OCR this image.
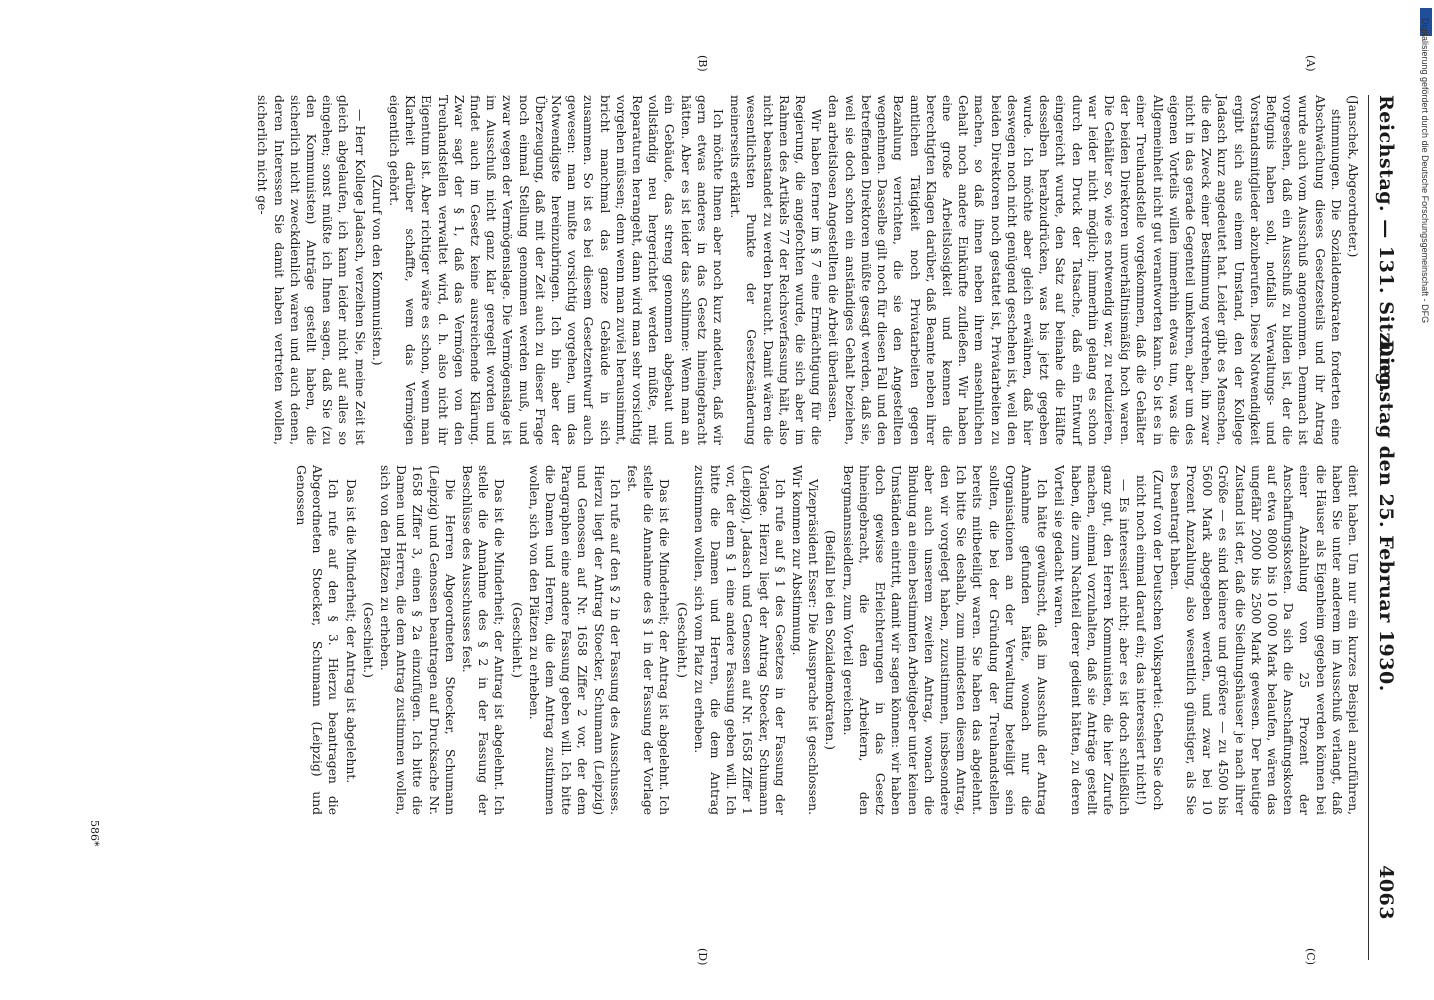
Reichstag. — 131. Sitzung.
Dienstag den 25. Februar 1930.
4063
(A)
(B)
(C)
(D)

(Janschek, Abgeordneter.)

stimmungen. Die Sozialdemokraten forderten eine Abschwächung dieses Gesetzesteils und ihr Antrag wurde auch vom Ausschuß angenommen. Demnach ist vorgesehen, daß ein Ausschuß zu bilden ist, der die Befugnis haben soll, notfalls Verwaltungs- und Vorstandsmitglieder abzuberufen. Diese Notwendigkeit ergibt sich aus einem Umstand, den der Kollege Jadasch kurz angedeutet hat. Leider gibt es Menschen, die den Zweck einer Bestimmung verdrehen, ihn zwar nicht in das gerade Gegenteil umkehren, aber um des eigenen Vorteils willen immerhin etwas tun, was die Allgemeinheit nicht gut verantworten kann. So ist es in einer Treuhandstelle vorgekommen, daß die Gehälter der beiden Direktoren unverhältnismäßig hoch waren. Die Gehälter so, wie es notwendig war, zu reduzieren, war leider nicht möglich; immerhin gelang es schon durch den Druck der Tatsache, daß ein Entwurf eingereicht wurde, den Satz auf beinahe die Hälfte desselben herabzudrücken, was bis jetzt gegeben wurde. Ich möchte aber gleich erwähnen, daß hier deswegen noch nicht genügend geschehen ist, weil den beiden Direktoren noch gestattet ist, Privatarbeiten zu machen, so daß ihnen neben ihrem ansehnlichen Gehalt noch andere Einkünfte zufließen. Wir haben eine große Arbeitslosigkeit und kennen die berechtigten Klagen darüber, daß Beamte neben ihrer amtlichen Tätigkeit noch Privatarbeiten gegen Bezahlung verrichten, die sie den Angestellten wegnehmen. Dasselbe gilt noch für diesen Fall und den betreffenden Direktoren müßte gesagt werden, daß sie, weil sie doch schon ein anständiges Gehalt beziehen, den arbeitslosen Angestellten die Arbeit überlassen.

Wir haben ferner im § 7 eine Ermächtigung für die Regierung, die angefochten wurde, die sich aber im Rahmen des Artikels 77 der Reichsverfassung hält, also nicht beanstandet zu werden braucht. Damit wären die wesentlichsten Punkte der Gesetzesänderung meinerseits erklärt.

Ich möchte Ihnen aber noch kurz andeuten, daß wir gern etwas anderes in das Gesetz hineingebracht hätten. Aber es ist leider das schlimme: Wenn man an ein Gebäude, das streng genommen abgebaut und vollständig neu hergerichtet werden müßte, mit Reparaturen herangeht, dann wird man sehr vorsichtig vorgehen müssen; denn wenn man zuviel herausnimmt, bricht manchmal das ganze Gebäude in sich zusammen. So ist es bei diesem Gesetzentwurf auch gewesen: man mußte vorsichtig vorgehen, um das Notwendigste hereinzubringen. Ich bin aber der Überzeugung, daß mit der Zeit auch zu dieser Frage noch einmal Stellung genommen werden muß, und zwar wegen der Vermögenslage. Die Vermögenslage ist im Ausschuß nicht ganz klar geregelt worden und findet auch im Gesetz keine ausreichende Klärung. Zwar sagt der § 1, daß das Vermögen von den Treuhandstellen verwaltet wird, d. h. also nicht ihr Eigentum ist. Aber richtiger wäre es schon, wenn man Klarheit darüber schaffte, wem das Vermögen eigentlich gehört.

(Zuruf von den Kommunisten.)

— Herr Kollege Jadasch, verzeihen Sie, meine Zeit ist gleich abgelaufen, ich kann leider nicht auf alles so eingehen; sonst müßte ich Ihnen sagen, daß Sie (zu den Kommunisten) Anträge gestellt haben, die sicherlich nicht zweckdienlich waren und auch denen, deren Interessen Sie damit haben vertreten wollen, sicherlich nicht ge-

dient haben. Um nur ein kurzes Beispiel anzuführen, haben Sie unter anderem im Ausschuß verlangt, daß die Häuser als Eigenheim gegeben werden können bei einer Anzahlung von 25 Prozent der Anschaffungskosten. Da sich die Anschaffungskosten auf etwa 8000 bis 10 000 Mark belaufen, wären das ungefähr 2000 bis 2500 Mark gewesen. Der heutige Zustand ist der, daß die Siedlungshäuser je nach ihrer Größe — es sind kleinere und größere — zu 4500 bis 5600 Mark abgegeben werden, und zwar bei 10 Prozent Anzahlung, also wesentlich günstiger, als Sie es beantragt haben.

(Zuruf von der Deutschen Volkspartei: Gehen Sie doch nicht noch einmal darauf ein; das interessiert nicht!)

— Es interessiert nicht; aber es ist doch schließlich ganz gut, den Herren Kommunisten, die hier Zurufe machen, einmal vorzuhalten, daß sie Anträge gestellt haben, die zum Nachteil derer gedient hätten, zu deren Vorteil sie gedacht waren.

Ich hätte gewünscht, daß im Ausschuß der Antrag Annahme gefunden hätte, wonach nur die Organisationen an der Verwaltung beteiligt sein sollten, die bei der Gründung der Treuhandstellen bereits mitbeteiligt waren. Sie haben das abgelehnt. Ich bitte Sie deshalb, zum mindesten diesem Antrag, den wir vorgelegt haben, zuzustimmen, insbesondere aber auch unserem zweiten Antrag, wonach die Bindung an einen bestimmten Arbeitgeber unter keinen Umständen eintritt, damit wir sagen können: wir haben doch gewisse Erleichterungen in das Gesetz hineingebracht, die den Arbeitern, den Bergmannssiedlern, zum Vorteil gereichen.

(Beifall bei den Sozialdemokraten.)

Vizepräsident Esser: Die Aussprache ist geschlossen. Wir kommen zur Abstimmung.

Ich rufe auf § 1 des Gesetzes in der Fassung der Vorlage. Hierzu liegt der Antrag Stoecker, Schumann (Leipzig), Jadasch und Genossen auf Nr. 1658 Ziffer 1 vor, der dem § 1 eine andere Fassung geben will. Ich bitte die Damen und Herren, die dem Antrag zustimmen wollen, sich vom Platz zu erheben.

(Geschieht.)

Das ist die Minderheit; der Antrag ist abgelehnt. Ich stelle die Annahme des § 1 in der Fassung der Vorlage fest.

Ich rufe auf den § 2 in der Fassung des Ausschusses. Hierzu liegt der Antrag Stoecker, Schumann (Leipzig) und Genossen auf Nr. 1658 Ziffer 2 vor, der dem Paragraphen eine andere Fassung geben will. Ich bitte die Damen und Herren, die dem Antrag zustimmen wollen, sich von den Plätzen zu erheben.

(Geschieht.)

Das ist die Minderheit; der Antrag ist abgelehnt. Ich stelle die Annahme des § 2 in der Fassung der Beschlüsse des Ausschusses fest.

Die Herren Abgeordneten Stoecker, Schumann (Leipzig) und Genossen beantragen auf Drucksache Nr. 1658 Ziffer 3, einen § 2a einzufügen. Ich bitte die Damen und Herren, die dem Antrag zustimmen wollen, sich von den Plätzen zu erheben.

(Geschieht.)

Das ist die Minderheit; der Antrag ist abgelehnt.

Ich rufe auf den § 3. Hierzu beantragen die Abgeordneten Stoecker, Schumann (Leipzig) und Genossen

586*
Digitalisierung gefördert durch die Deutsche Forschungsgemeinschaft - DFG
